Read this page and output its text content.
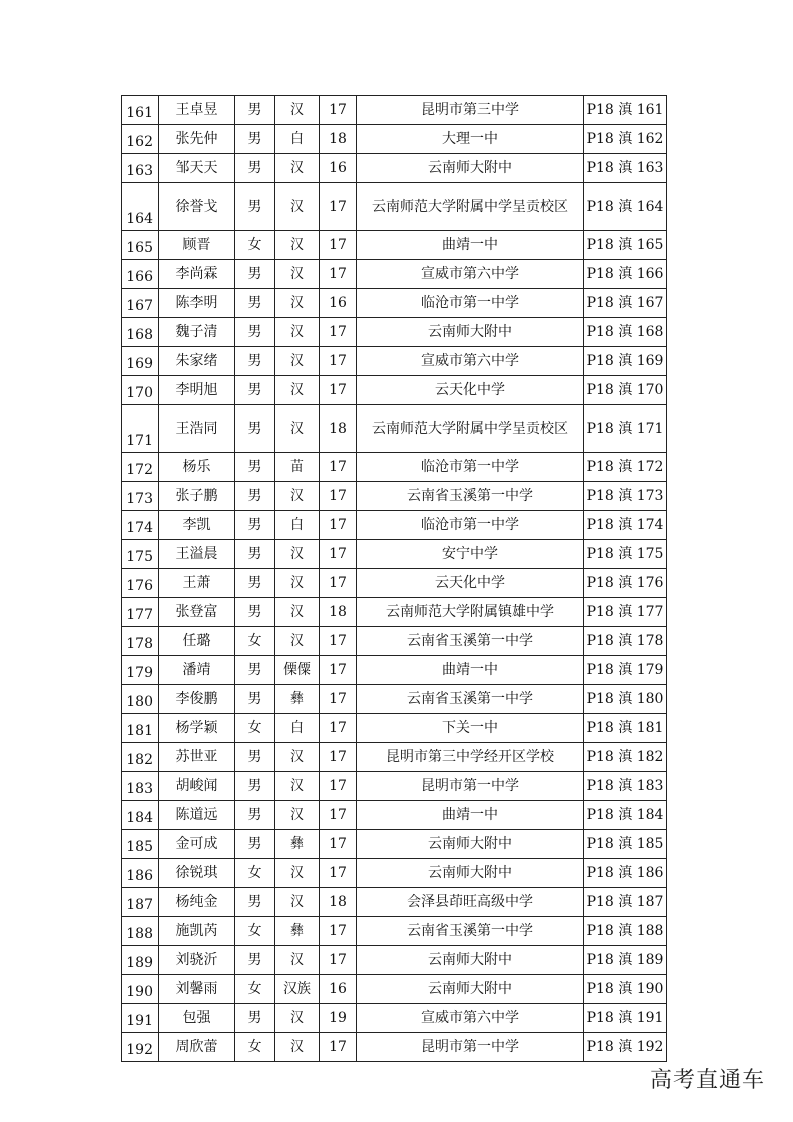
161	王卓昱	男	汉	17	昆明市第三中学	P18 滇 161
162	张先仲	男	白	18	大理一中	P18 滇 162
163	邹天天	男	汉	16	云南师大附中	P18 滇 163
164	徐誉戈	男	汉	17	云南师范大学附属中学呈贡校区	P18 滇 164
165	顾晋	女	汉	17	曲靖一中	P18 滇 165
166	李尚霖	男	汉	17	宣威市第六中学	P18 滇 166
167	陈李明	男	汉	16	临沧市第一中学	P18 滇 167
168	魏子清	男	汉	17	云南师大附中	P18 滇 168
169	朱家绪	男	汉	17	宣威市第六中学	P18 滇 169
170	李明旭	男	汉	17	云天化中学	P18 滇 170
171	王浩同	男	汉	18	云南师范大学附属中学呈贡校区	P18 滇 171
172	杨乐	男	苗	17	临沧市第一中学	P18 滇 172
173	张子鹏	男	汉	17	云南省玉溪第一中学	P18 滇 173
174	李凯	男	白	17	临沧市第一中学	P18 滇 174
175	王溢晨	男	汉	17	安宁中学	P18 滇 175
176	王萧	男	汉	17	云天化中学	P18 滇 176
177	张登富	男	汉	18	云南师范大学附属镇雄中学	P18 滇 177
178	任璐	女	汉	17	云南省玉溪第一中学	P18 滇 178
179	潘靖	男	傈僳	17	曲靖一中	P18 滇 179
180	李俊鹏	男	彝	17	云南省玉溪第一中学	P18 滇 180
181	杨学颖	女	白	17	下关一中	P18 滇 181
182	苏世亚	男	汉	17	昆明市第三中学经开区学校	P18 滇 182
183	胡峻闻	男	汉	17	昆明市第一中学	P18 滇 183
184	陈道远	男	汉	17	曲靖一中	P18 滇 184
185	金可成	男	彝	17	云南师大附中	P18 滇 185
186	徐锐琪	女	汉	17	云南师大附中	P18 滇 186
187	杨纯金	男	汉	18	会泽县茚旺高级中学	P18 滇 187
188	施凯芮	女	彝	17	云南省玉溪第一中学	P18 滇 188
189	刘骁沂	男	汉	17	云南师大附中	P18 滇 189
190	刘馨雨	女	汉族	16	云南师大附中	P18 滇 190
191	包强	男	汉	19	宣威市第六中学	P18 滇 191
192	周欣蕾	女	汉	17	昆明市第一中学	P18 滇 192
高考直通车
